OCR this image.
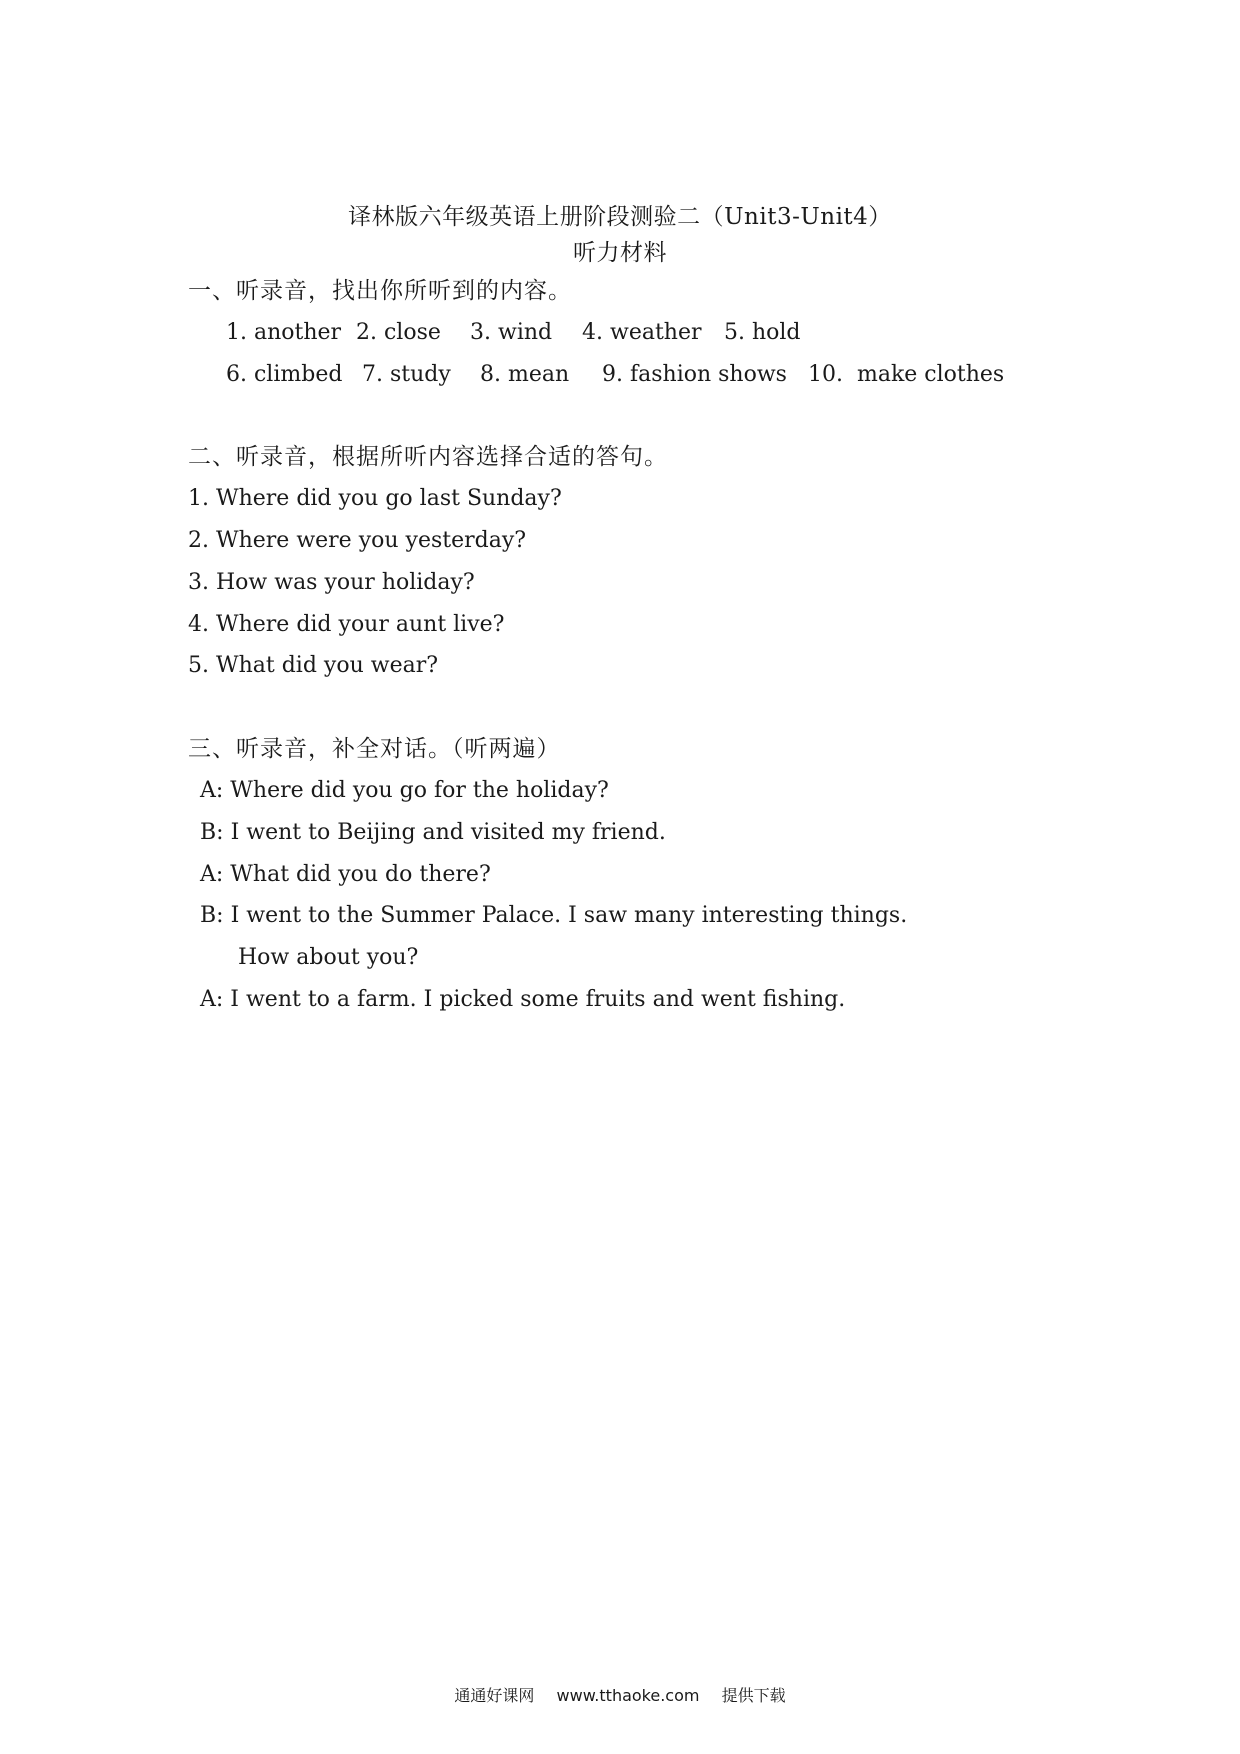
译林版六年级英语上册阶段测验二（Unit3-Unit4）
听力材料
一、听录音，找出你所听到的内容。
1. another 2. close 3. wind 4. weather 5. hold
6. climbed 7. study 8. mean 9. fashion shows 10.  make clothes
二、听录音，根据所听内容选择合适的答句。
1. Where did you go last Sunday?
2. Where were you yesterday?
3. How was your holiday?
4. Where did your aunt live?
5. What did you wear?
三、听录音，补全对话。（听两遍）
A: Where did you go for the holiday?
B: I went to Beijing and visited my friend.
A: What did you do there?
B: I went to the Summer Palace. I saw many interesting things.
How about you?
A: I went to a farm. I picked some fruits and went fishing.
通通好课网  www.tthaoke.com  提供下载
